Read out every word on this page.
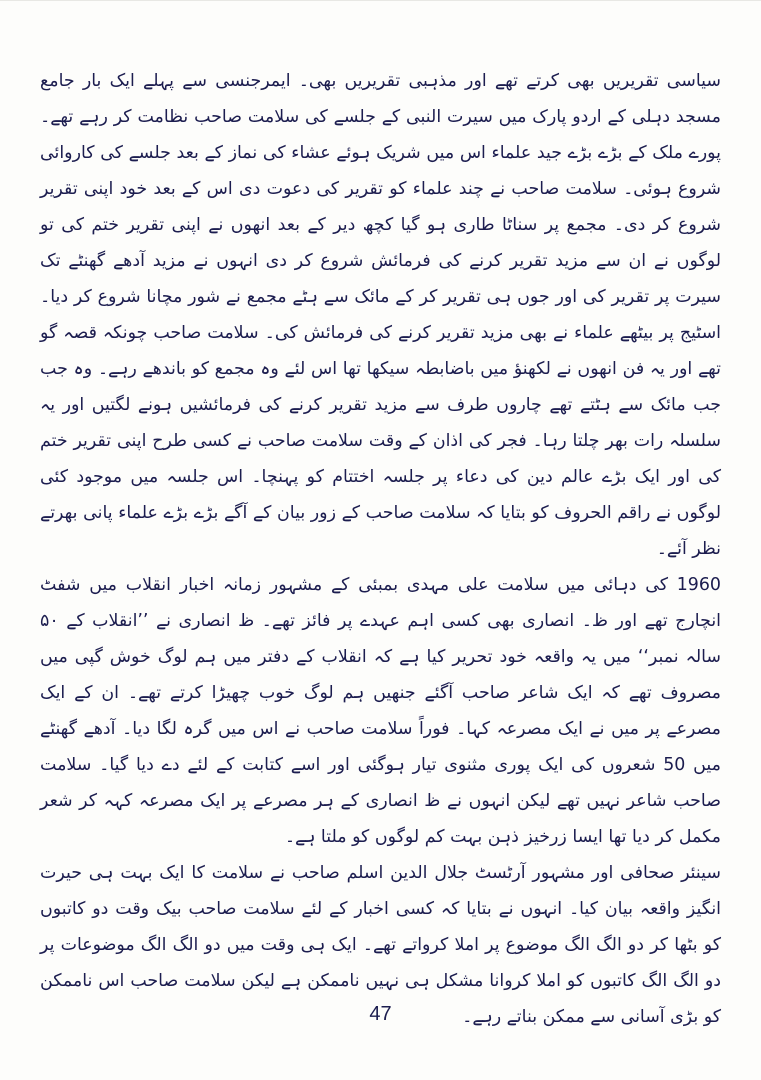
سیاسی تقریریں بھی کرتے تھے اور مذہبی تقریریں بھی۔ ایمرجنسی سے پہلے ایک بار جامع مسجد دہلی کے اردو پارک میں سیرت النبی کے جلسے کی سلامت صاحب نظامت کر رہے تھے۔ پورے ملک کے بڑے بڑے جید علماء اس میں شریک ہوئے عشاء کی نماز کے بعد جلسے کی کاروائی شروع ہوئی۔ سلامت صاحب نے چند علماء کو تقریر کی دعوت دی اس کے بعد خود اپنی تقریر شروع کر دی۔ مجمع پر سناٹا طاری ہو گیا کچھ دیر کے بعد انھوں نے اپنی تقریر ختم کی تو لوگوں نے ان سے مزید تقریر کرنے کی فرمائش شروع کر دی انہوں نے مزید آدھے گھنٹے تک سیرت پر تقریر کی اور جوں ہی تقریر کر کے مائک سے ہٹے مجمع نے شور مچانا شروع کر دیا۔ اسٹیج پر بیٹھے علماء نے بھی مزید تقریر کرنے کی فرمائش کی۔ سلامت صاحب چونکہ قصہ گو تھے اور یہ فن انھوں نے لکھنؤ میں باضابطہ سیکھا تھا اس لئے وہ مجمع کو باندھے رہے۔ وہ جب جب مائک سے ہٹتے تھے چاروں طرف سے مزید تقریر کرنے کی فرمائشیں ہونے لگتیں اور یہ سلسلہ رات بھر چلتا رہا۔ فجر کی اذان کے وقت سلامت صاحب نے کسی طرح اپنی تقریر ختم کی اور ایک بڑے عالم دین کی دعاء پر جلسہ اختتام کو پہنچا۔ اس جلسہ میں موجود کئی لوگوں نے راقم الحروف کو بتایا کہ سلامت صاحب کے زور بیان کے آگے بڑے بڑے علماء پانی بھرتے نظر آئے۔

1960 کی دہائی میں سلامت علی مہدی بمبئی کے مشہور زمانہ اخبار انقلاب میں شفٹ انچارج تھے اور ظ۔ انصاری بھی کسی اہم عہدے پر فائز تھے۔ ظ انصاری نے ’’انقلاب کے ۵۰ سالہ نمبر‘‘ میں یہ واقعہ خود تحریر کیا ہے کہ انقلاب کے دفتر میں ہم لوگ خوش گپی میں مصروف تھے کہ ایک شاعر صاحب آگئے جنھیں ہم لوگ خوب چھیڑا کرتے تھے۔ ان کے ایک مصرعے پر میں نے ایک مصرعہ کہا۔ فوراً سلامت صاحب نے اس میں گرہ لگا دیا۔ آدھے گھنٹے میں 50 شعروں کی ایک پوری مثنوی تیار ہوگئی اور اسے کتابت کے لئے دے دیا گیا۔ سلامت صاحب شاعر نہیں تھے لیکن انہوں نے ظ انصاری کے ہر مصرعے پر ایک مصرعہ کہہ کر شعر مکمل کر دیا تھا ایسا زرخیز ذہن بہت کم لوگوں کو ملتا ہے۔

سینئر صحافی اور مشہور آرٹسٹ جلال الدین اسلم صاحب نے سلامت کا ایک بہت ہی حیرت انگیز واقعہ بیان کیا۔ انہوں نے بتایا کہ کسی اخبار کے لئے سلامت صاحب بیک وقت دو کاتبوں کو بٹھا کر دو الگ الگ موضوع پر املا کرواتے تھے۔ ایک ہی وقت میں دو الگ الگ موضوعات پر دو الگ الگ کاتبوں کو املا کروانا مشکل ہی نہیں ناممکن ہے لیکن سلامت صاحب اس ناممکن کو بڑی آسانی سے ممکن بناتے رہے۔

47
